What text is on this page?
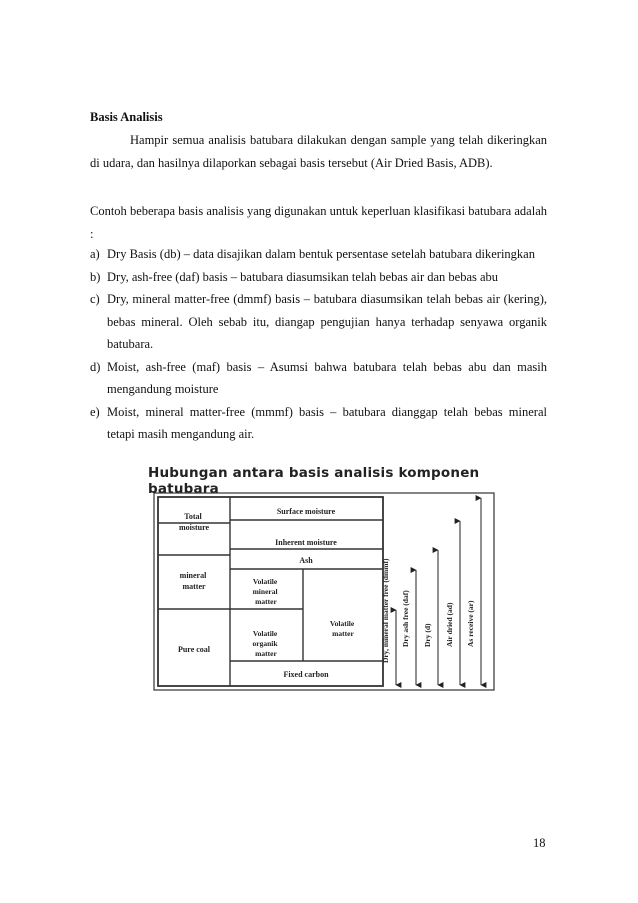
Basis Analisis

Hampir semua analisis batubara dilakukan dengan sample yang telah dikeringkan di udara, dan hasilnya dilaporkan sebagai basis tersebut (Air Dried Basis, ADB).

Contoh beberapa basis analisis yang digunakan untuk keperluan klasifikasi batubara adalah :

a) Dry Basis (db) – data disajikan dalam bentuk persentase setelah batubara dikeringkan
b) Dry, ash-free (daf) basis – batubara diasumsikan telah bebas air dan bebas abu
c) Dry, mineral matter-free (dmmf) basis – batubara diasumsikan telah bebas air (kering), bebas mineral. Oleh sebab itu, diangap pengujian hanya terhadap senyawa organik batubara.
d) Moist, ash-free (maf) basis – Asumsi bahwa batubara telah bebas abu dan masih mengandung moisture
e) Moist, mineral matter-free (mmmf) basis – batubara dianggap telah bebas mineral tetapi masih mengandung air.
Hubungan antara basis analisis komponen batubara
Total moisture
mineral matter
Pure coal
Surface moisture
Inherent moisture
Ash
Volatile mineral matter
Volatile organik matter
Volatile matter
Fixed carbon
Dry, mineral matter free (dmmf) Dry ash free (daf) Dry (d) Air dried (ad) As receive (ar)
18
